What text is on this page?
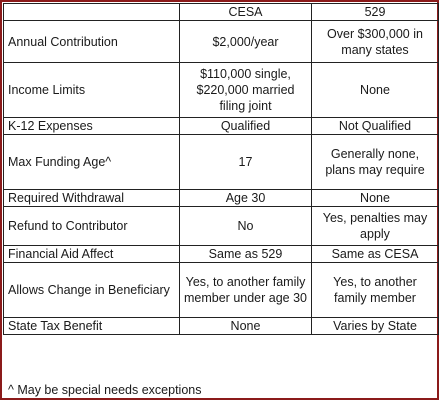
	CESA	529
Annual Contribution	$2,000/year	Over $300,000 in many states
Income Limits	$110,000 single, $220,000 married filing joint	None
K-12 Expenses	Qualified	Not Qualified
Max Funding Age^	17	Generally none, plans may require
Required Withdrawal	Age 30	None
Refund to Contributor	No	Yes, penalties may apply
Financial Aid Affect	Same as 529	Same as CESA
Allows Change in Beneficiary	Yes, to another family member under age 30	Yes, to another family member
State Tax Benefit	None	Varies by State
^ May be special needs exceptions
